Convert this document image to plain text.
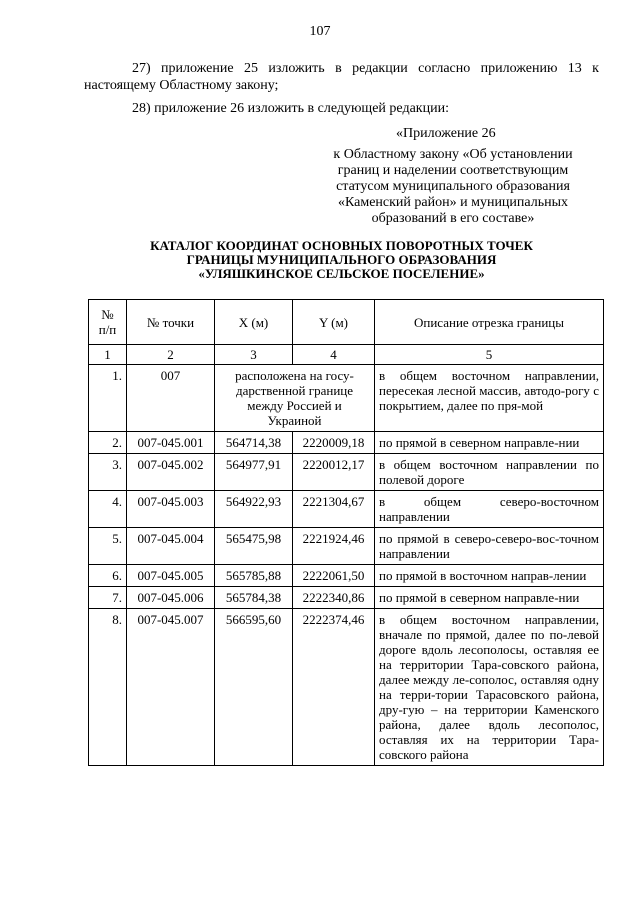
107
27) приложение 25 изложить в редакции согласно приложению 13 к настоящему Областному закону;
28) приложение 26 изложить в следующей редакции:
«Приложение 26
к Областному закону «Об установлении
границ и наделении соответствующим
статусом муниципального образования
«Каменский район» и муниципальных
образований в его составе»
КАТАЛОГ КООРДИНАТ ОСНОВНЫХ ПОВОРОТНЫХ ТОЧЕК
ГРАНИЦЫ МУНИЦИПАЛЬНОГО ОБРАЗОВАНИЯ
«УЛЯШКИНСКОЕ СЕЛЬСКОЕ ПОСЕЛЕНИЕ»
№
п/п	№ точки	X (м)	Y (м)	Описание отрезка границы
1	2	3	4	5
1.	007	расположена на госу-дарственной границе между Россией и Украиной		в общем восточном направлении, пересекая лесной массив, автодо-рогу с покрытием, далее по пря-мой
2.	007-045.001	564714,38	2220009,18	по прямой в северном направле-нии
3.	007-045.002	564977,91	2220012,17	в общем восточном направлении по полевой дороге
4.	007-045.003	564922,93	2221304,67	в общем северо-восточном направлении
5.	007-045.004	565475,98	2221924,46	по прямой в северо-северо-вос-точном направлении
6.	007-045.005	565785,88	2222061,50	по прямой в восточном направ-лении
7.	007-045.006	565784,38	2222340,86	по прямой в северном направле-нии
8.	007-045.007	566595,60	2222374,46	в общем восточном направлении, вначале по прямой, далее по по-левой дороге вдоль лесополосы, оставляя ее на территории Тара-совского района, далее между ле-сополос, оставляя одну на терри-тории Тарасовского района, дру-гую – на территории Каменского района, далее вдоль лесополос, оставляя их на территории Тара-совского района
